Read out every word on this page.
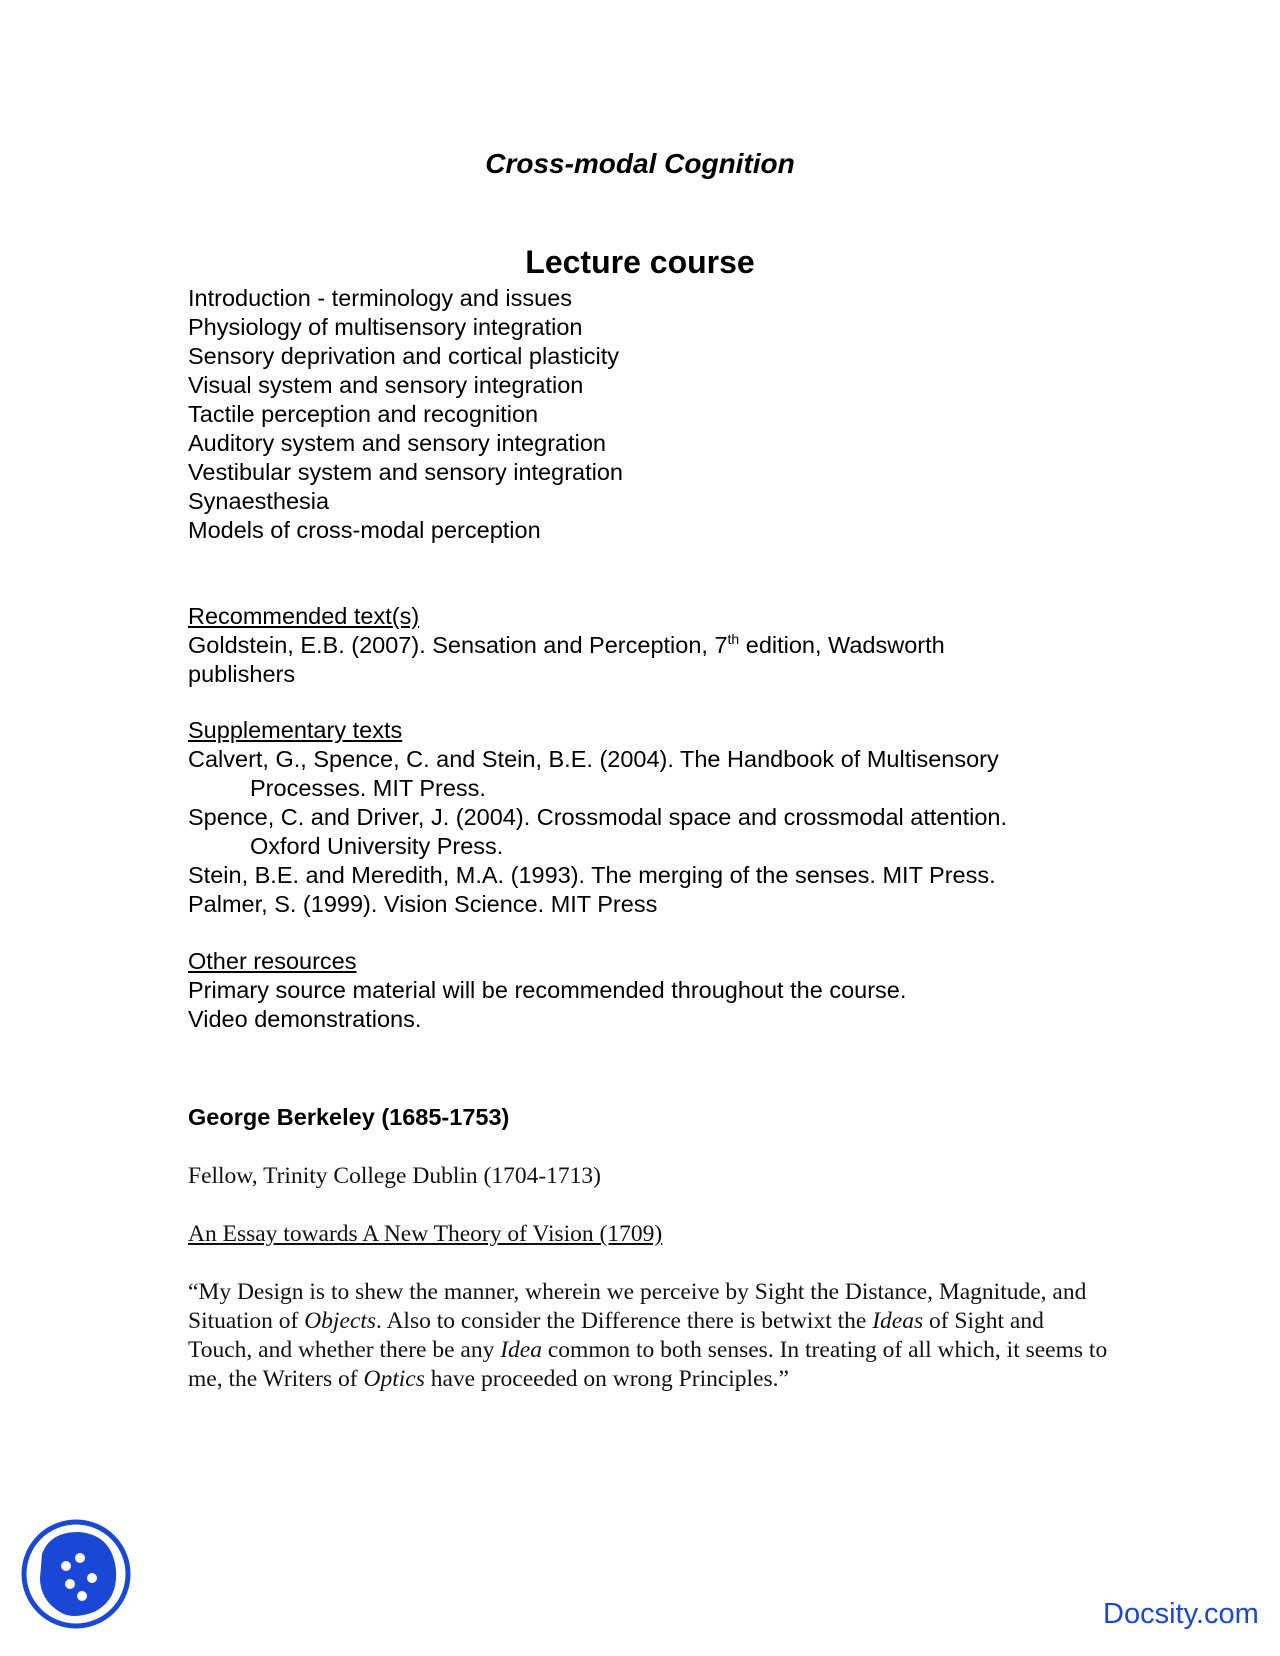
Cross-modal Cognition
Lecture course
Introduction - terminology and issues
Physiology of multisensory integration
Sensory deprivation and cortical plasticity
Visual system and sensory integration
Tactile perception and recognition
Auditory system and sensory integration
Vestibular system and sensory integration
Synaesthesia
Models of cross-modal perception
Recommended text(s)
Goldstein, E.B. (2007). Sensation and Perception, 7th edition, Wadsworth
publishers
Supplementary texts
Calvert, G., Spence, C. and Stein, B.E. (2004). The Handbook of Multisensory
Processes. MIT Press.
Spence, C. and Driver, J. (2004). Crossmodal space and crossmodal attention.
Oxford University Press.
Stein, B.E. and Meredith, M.A. (1993). The merging of the senses. MIT Press.
Palmer, S. (1999). Vision Science. MIT Press
Other resources
Primary source material will be recommended throughout the course.
Video demonstrations.
George Berkeley (1685-1753)
Fellow, Trinity College Dublin (1704-1713)
An Essay towards A New Theory of Vision (1709)
“My Design is to shew the manner, wherein we perceive by Sight the Distance, Magnitude, and Situation of Objects. Also to consider the Difference there is betwixt the Ideas of Sight and Touch, and whether there be any Idea common to both senses. In treating of all which, it seems to me, the Writers of Optics have proceeded on wrong Principles.”
Docsity.com
